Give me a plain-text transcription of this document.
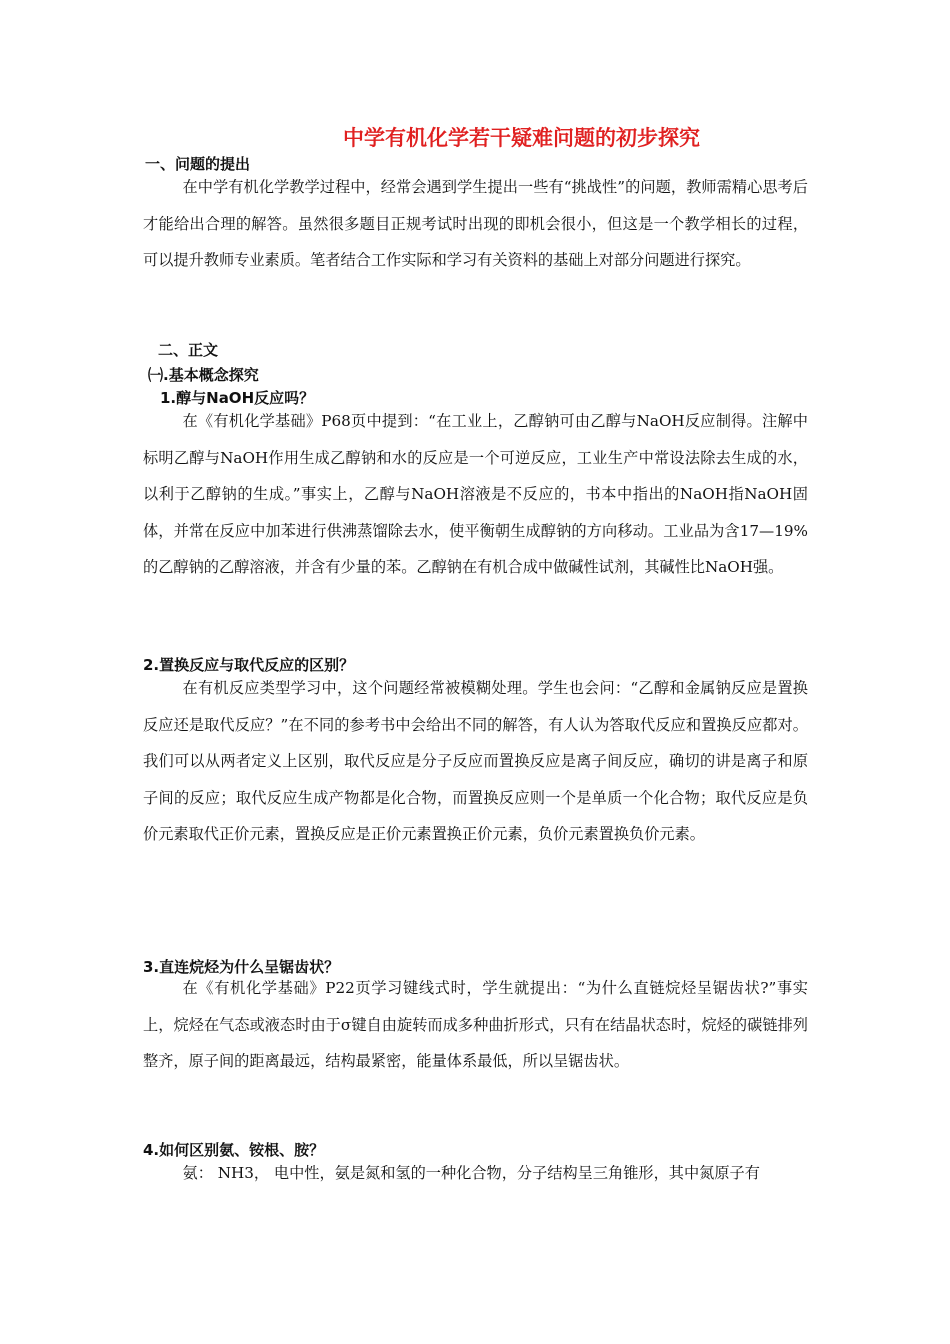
中学有机化学若干疑难问题的初步探究
一、问题的提出

在中学有机化学教学过程中，经常会遇到学生提出一些有“挑战性”的问题，教师需精心思考后才能给出合理的解答。虽然很多题目正规考试时出现的即机会很小，但这是一个教学相长的过程，可以提升教师专业素质。笔者结合工作实际和学习有关资料的基础上对部分问题进行探究。

二、正文
㈠.基本概念探究
1.醇与NaOH反应吗？

在《有机化学基础》P68页中提到：“在工业上，乙醇钠可由乙醇与NaOH反应制得。注解中标明乙醇与NaOH作用生成乙醇钠和水的反应是一个可逆反应，工业生产中常设法除去生成的水，以利于乙醇钠的生成。”事实上，乙醇与NaOH溶液是不反应的，书本中指出的NaOH指NaOH固体，并常在反应中加苯进行供沸蒸馏除去水，使平衡朝生成醇钠的方向移动。工业品为含17—19%的乙醇钠的乙醇溶液，并含有少量的苯。乙醇钠在有机合成中做碱性试剂，其碱性比NaOH强。

2.置换反应与取代反应的区别？

在有机反应类型学习中，这个问题经常被模糊处理。学生也会问：“乙醇和金属钠反应是置换反应还是取代反应？”在不同的参考书中会给出不同的解答，有人认为答取代反应和置换反应都对。我们可以从两者定义上区别，取代反应是分子反应而置换反应是离子间反应，确切的讲是离子和原子间的反应；取代反应生成产物都是化合物，而置换反应则一个是单质一个化合物；取代反应是负价元素取代正价元素，置换反应是正价元素置换正价元素，负价元素置换负价元素。

3.直连烷烃为什么呈锯齿状？

在《有机化学基础》P22页学习键线式时，学生就提出：“为什么直链烷烃呈锯齿状?”事实上，烷烃在气态或液态时由于σ键自由旋转而成多种曲折形式，只有在结晶状态时，烷烃的碳链排列整齐，原子间的距离最远，结构最紧密，能量体系最低，所以呈锯齿状。

4.如何区别氨、铵根、胺？

氨： NH3， 电中性，氨是氮和氢的一种化合物，分子结构呈三角锥形，其中氮原子有
